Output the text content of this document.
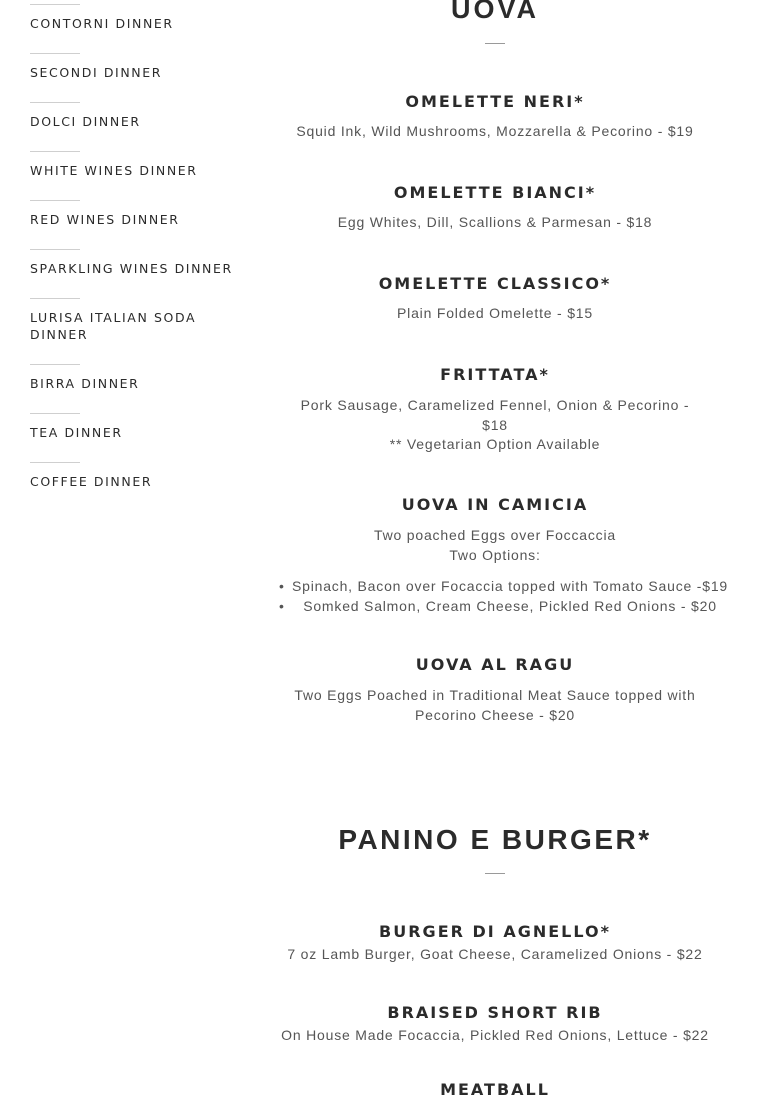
CONTORNI DINNER
SECONDI DINNER
DOLCI DINNER
WHITE WINES DINNER
RED WINES DINNER
SPARKLING WINES DINNER
LURISA ITALIAN SODA DINNER
BIRRA DINNER
TEA DINNER
COFFEE DINNER
UOVA
OMELETTE NERI*

Squid Ink, Wild Mushrooms, Mozzarella & Pecorino - $19

OMELETTE BIANCI*

Egg Whites, Dill, Scallions & Parmesan - $18

OMELETTE CLASSICO*

Plain Folded Omelette - $15

FRITTATA*

Pork Sausage, Caramelized Fennel, Onion & Pecorino -

$18

** Vegetarian Option Available

UOVA IN CAMICIA

Two poached Eggs over Foccaccia

Two Options:

• Spinach, Bacon over Focaccia topped with Tomato Sauce -$19
• Somked Salmon, Cream Cheese, Pickled Red Onions - $20
UOVA AL RAGU

Two Eggs Poached in Traditional Meat Sauce topped with

Pecorino Cheese - $20

PANINO E BURGER*
BURGER DI AGNELLO*

7 oz Lamb Burger, Goat Cheese, Caramelized Onions - $22

BRAISED SHORT RIB

On House Made Focaccia, Pickled Red Onions, Lettuce - $22

MEATBALL
